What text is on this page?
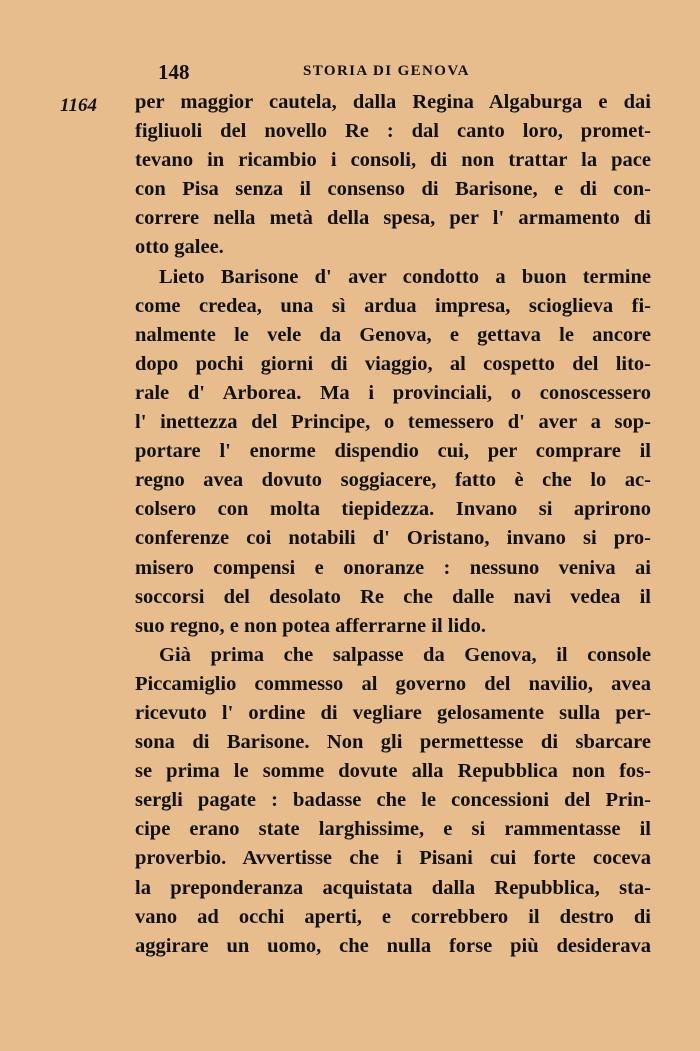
148	STORIA DI GENOVA
1164 per maggior cautela, dalla Regina Algaburga e dai
figliuoli del novello Re : dal canto loro, promet-
tevano in ricambio i consoli, di non trattar la pace
con Pisa senza il consenso di Barisone, e di con-
correre nella metà della spesa, per l' armamento di
otto galee.
Lieto Barisone d' aver condotto a buon termine
come credea, una sì ardua impresa, scioglieva fi-
nalmente le vele da Genova, e gettava le ancore
dopo pochi giorni di viaggio, al cospetto del lito-
rale d' Arborea. Ma i provinciali, o conoscessero
l' inettezza del Principe, o temessero d' aver a sop-
portare l' enorme dispendio cui, per comprare il
regno avea dovuto soggiacere, fatto è che lo ac-
colsero con molta tiepidezza. Invano si aprirono
conferenze coi notabili d' Oristano, invano si pro-
misero compensi e onoranze : nessuno veniva ai
soccorsi del desolato Re che dalle navi vedea il
suo regno, e non potea afferrarne il lido.
Già prima che salpasse da Genova, il console
Piccamiglio commesso al governo del navilio, avea
ricevuto l' ordine di vegliare gelosamente sulla per-
sona di Barisone. Non gli permettesse di sbarcare
se prima le somme dovute alla Repubblica non fos-
sergli pagate : badasse che le concessioni del Prin-
cipe erano state larghissime, e si rammentasse il
proverbio. Avvertisse che i Pisani cui forte coceva
la preponderanza acquistata dalla Repubblica, sta-
vano ad occhi aperti, e correbbero il destro di
aggirare un uomo, che nulla forse più desiderava
